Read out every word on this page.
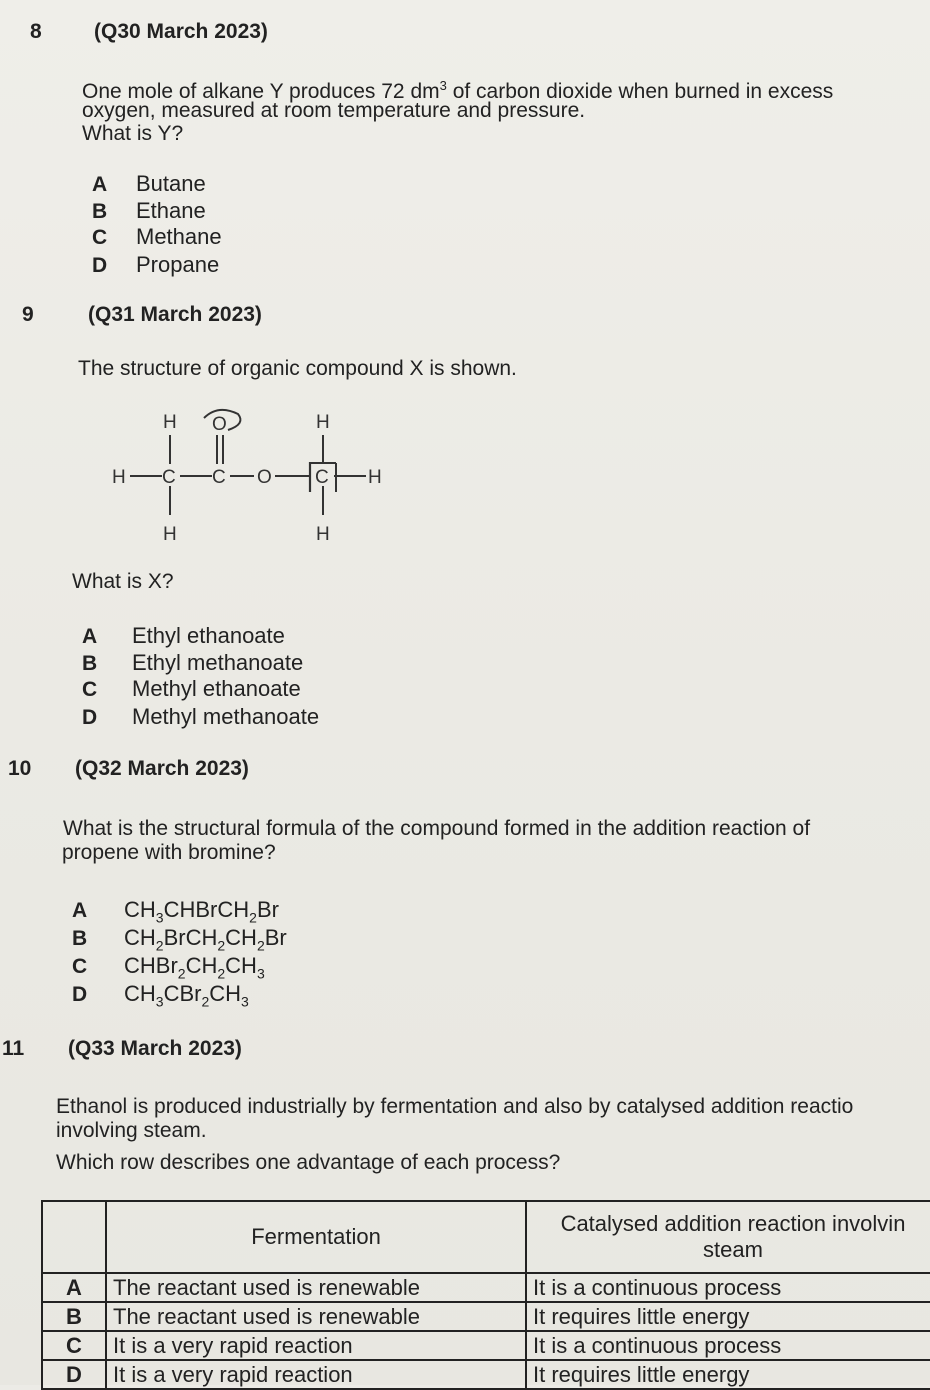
8 (Q30 March 2023)
One mole of alkane Y produces 72 $dm^3$ of carbon dioxide when burned in excess
oxygen, measured at room temperature and pressure.
What is Y?
A Butane
B Ethane
C Methane
D Propane
9	(Q31 March 2023)
The structure of organic compound X is shown.
H
H C
H
O
C O
H
C H
H
What is X?
A Ethyl ethanoate
B Ethyl methanoate
C Methyl ethanoate
D Methyl methanoate
10 (Q32 March 2023)
What is the structural formula of the compound formed in the addition reaction of
propene with bromine?
A $CH_3CHBrCH_2Br$
B $CH_2BrCH_2CH_2Br$
C $CHBr_2CH_2CH_3$
D $CH_3CBr_2CH_3$
11 (Q33 March 2023)
Ethanol is produced industrially by fermentation and also by catalysed addition reactio
involving steam.
Which row describes one advantage of each process?
	Fermentation	Catalysed addition reaction involvin
steam

A	The reactant used is renewable	It is a continuous process
B	The reactant used is renewable	It requires little energy
C	It is a very rapid reaction	It is a continuous process
D	It is a very rapid reaction	It requires little energy
